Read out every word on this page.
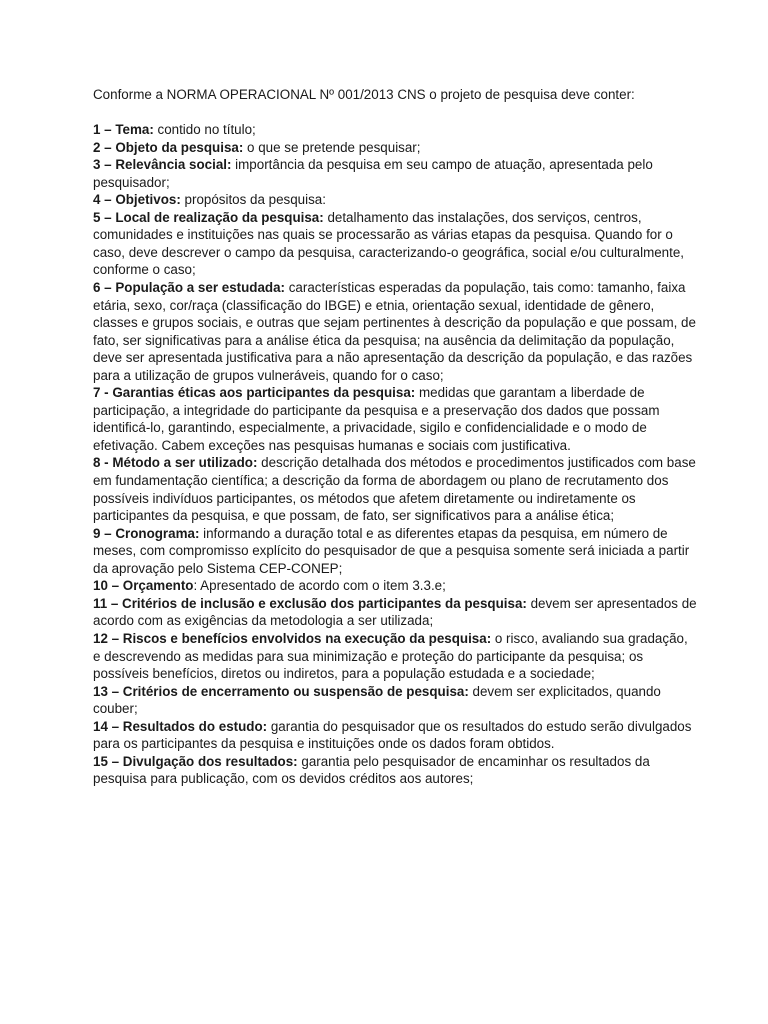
Conforme a NORMA OPERACIONAL Nº 001/2013 CNS o projeto de pesquisa deve conter:

1 – Tema: contido no título;

2 – Objeto da pesquisa: o que se pretende pesquisar;

3 – Relevância social: importância da pesquisa em seu campo de atuação, apresentada pelo pesquisador;

4 – Objetivos: propósitos da pesquisa:

5 – Local de realização da pesquisa: detalhamento das instalações, dos serviços, centros, comunidades e instituições nas quais se processarão as várias etapas da pesquisa. Quando for o caso, deve descrever o campo da pesquisa, caracterizando-o geográfica, social e/ou culturalmente, conforme o caso;

6 – População a ser estudada: características esperadas da população, tais como: tamanho, faixa etária, sexo, cor/raça (classificação do IBGE) e etnia, orientação sexual, identidade de gênero, classes e grupos sociais, e outras que sejam pertinentes à descrição da população e que possam, de fato, ser significativas para a análise ética da pesquisa; na ausência da delimitação da população, deve ser apresentada justificativa para a não apresentação da descrição da população, e das razões para a utilização de grupos vulneráveis, quando for o caso;

7 - Garantias éticas aos participantes da pesquisa: medidas que garantam a liberdade de participação, a integridade do participante da pesquisa e a preservação dos dados que possam identificá-lo, garantindo, especialmente, a privacidade, sigilo e confidencialidade e o modo de efetivação. Cabem exceções nas pesquisas humanas e sociais com justificativa.

8 - Método a ser utilizado: descrição detalhada dos métodos e procedimentos justificados com base em fundamentação científica; a descrição da forma de abordagem ou plano de recrutamento dos possíveis indivíduos participantes, os métodos que afetem diretamente ou indiretamente os participantes da pesquisa, e que possam, de fato, ser significativos para a análise ética;

9 – Cronograma: informando a duração total e as diferentes etapas da pesquisa, em número de meses, com compromisso explícito do pesquisador de que a pesquisa somente será iniciada a partir da aprovação pelo Sistema CEP-CONEP;

10 – Orçamento: Apresentado de acordo com o item 3.3.e;

11 – Critérios de inclusão e exclusão dos participantes da pesquisa: devem ser apresentados de acordo com as exigências da metodologia a ser utilizada;

12 – Riscos e benefícios envolvidos na execução da pesquisa: o risco, avaliando sua gradação, e descrevendo as medidas para sua minimização e proteção do participante da pesquisa; os possíveis benefícios, diretos ou indiretos, para a população estudada e a sociedade;

13 – Critérios de encerramento ou suspensão de pesquisa: devem ser explicitados, quando couber;

14 – Resultados do estudo: garantia do pesquisador que os resultados do estudo serão divulgados para os participantes da pesquisa e instituições onde os dados foram obtidos.

15 – Divulgação dos resultados: garantia pelo pesquisador de encaminhar os resultados da pesquisa para publicação, com os devidos créditos aos autores;
